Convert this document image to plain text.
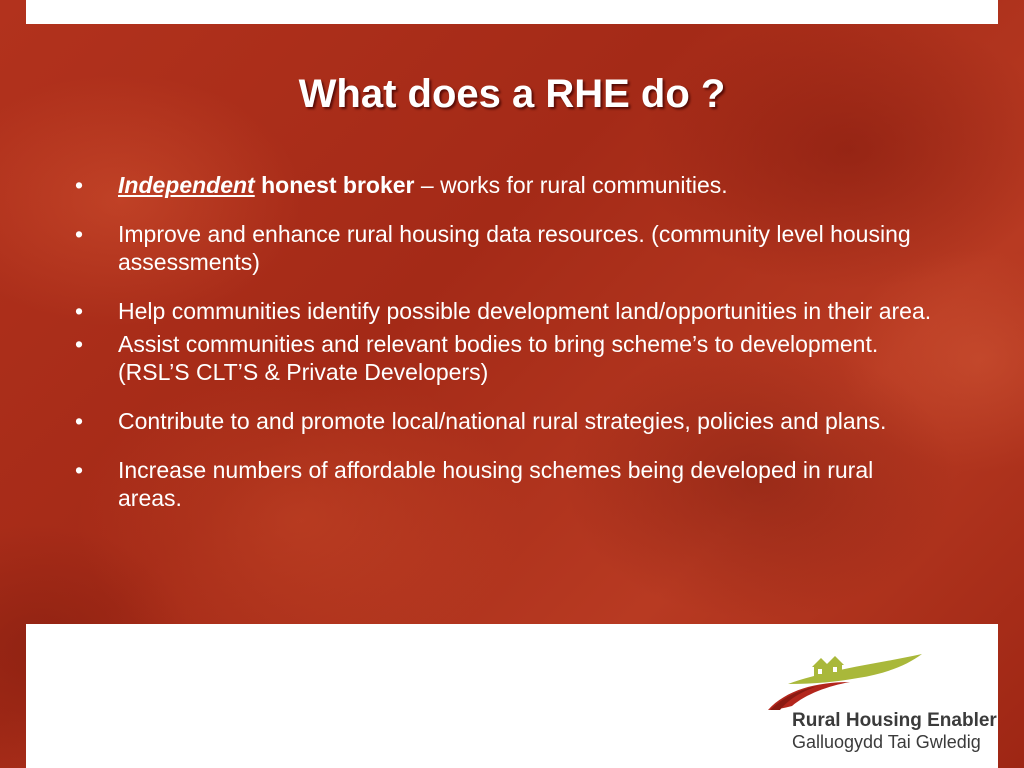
What does a RHE do ?
• Independent honest broker – works for rural communities.
• Improve and enhance rural housing data resources. (community level housing assessments)
• Help communities identify possible development land/opportunities in their area.
• Assist communities and relevant bodies to bring scheme’s to development. (RSL’S CLT’S & Private Developers)
• Contribute to and promote local/national rural strategies, policies and plans.
• Increase numbers of affordable housing schemes being developed in rural areas.
Rural Housing Enabler
Galluogydd Tai Gwledig
